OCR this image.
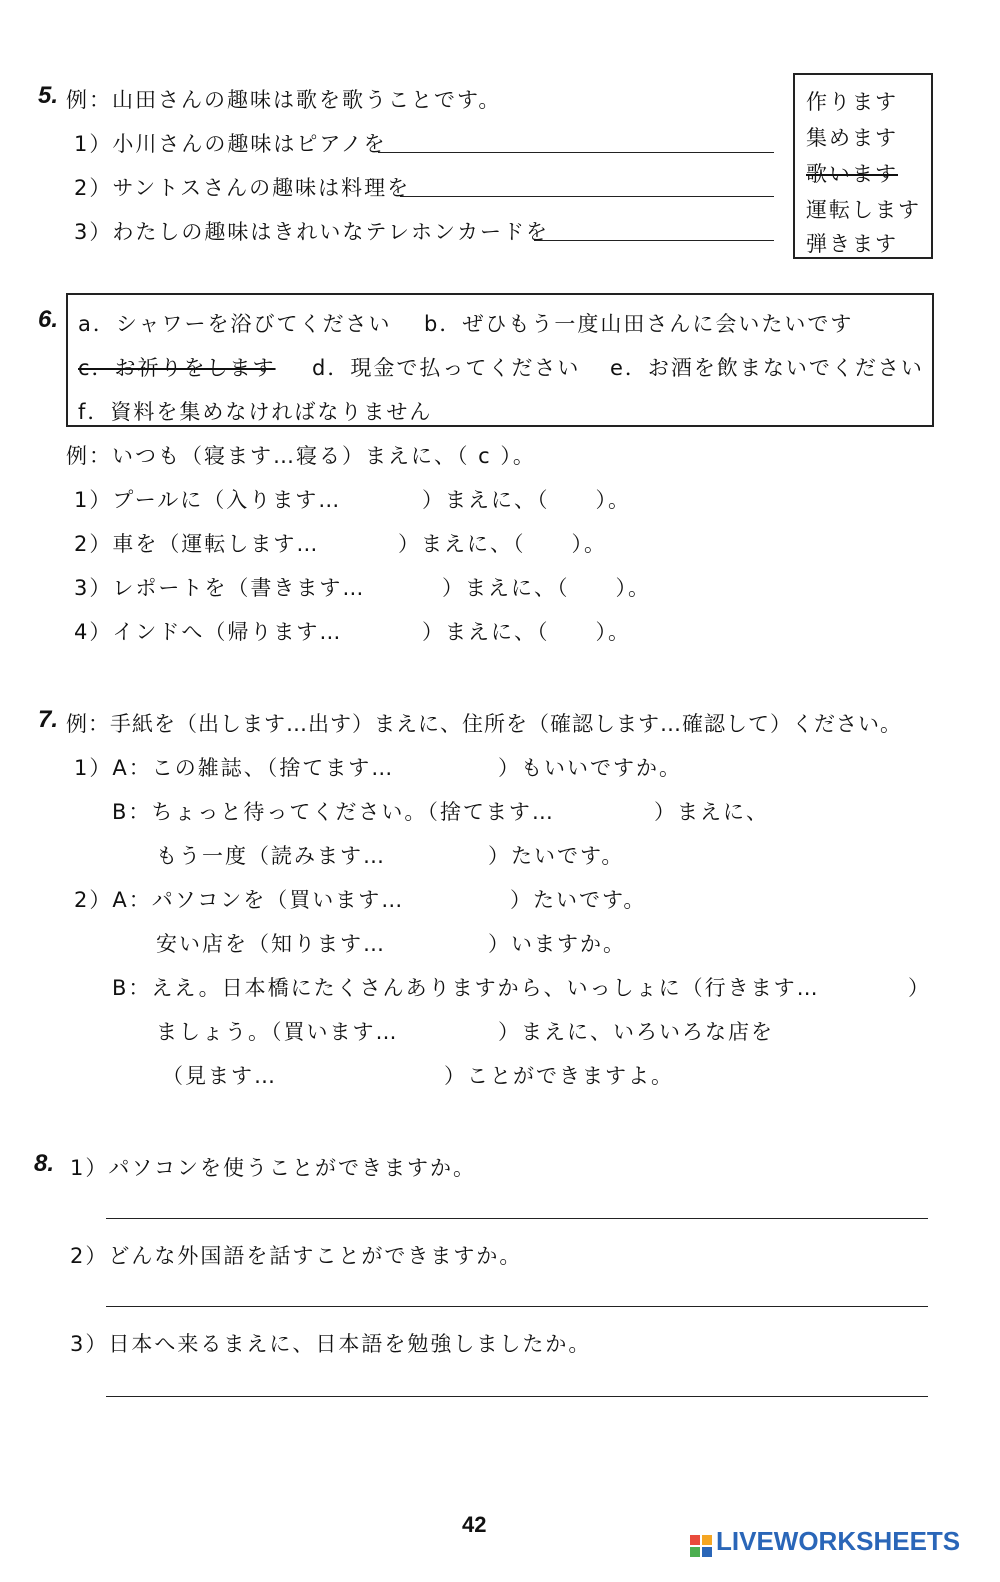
5. 例：山田さんの趣味は歌を歌うことです。
1）小川さんの趣味はピアノを
2）サントスさんの趣味は料理を
3）わたしの趣味はきれいなテレホンカードを
作ります
集めます
歌います
運転します
弾きます
6. a．シャワーを浴びてください b．ぜひもう一度山田さんに会いたいです
c．お祈りをします d．現金で払ってください e．お酒を飲まないでください
f．資料を集めなければなりません
例：いつも（寝ます…寝る）まえに、（ c ）。
1）プールに（入ります…	）まえに、（　　）。
2）車を（運転します…	）まえに、（　　）。
3）レポートを（書きます…	）まえに、（　　）。
4）インドへ（帰ります…	）まえに、（　　）。
7. 例：手紙を（出します…出す）まえに、住所を（確認します…確認して）ください。
1）A：この雑誌、（捨てます…	）もいいですか。
B：ちょっと待ってください。（捨てます…	）まえに、
もう一度（読みます…	）たいです。
2）A：パソコンを（買います…	）たいです。
安い店を（知ります…	）いますか。
B：ええ。日本橋にたくさんありますから、いっしょに（行きます…	）
ましょう。（買います…	）まえに、いろいろな店を
（見ます…	）ことができますよ。
8. 1）パソコンを使うことができますか。
2）どんな外国語を話すことができますか。
3）日本へ来るまえに、日本語を勉強しましたか。
42
LIVEWORKSHEETS
